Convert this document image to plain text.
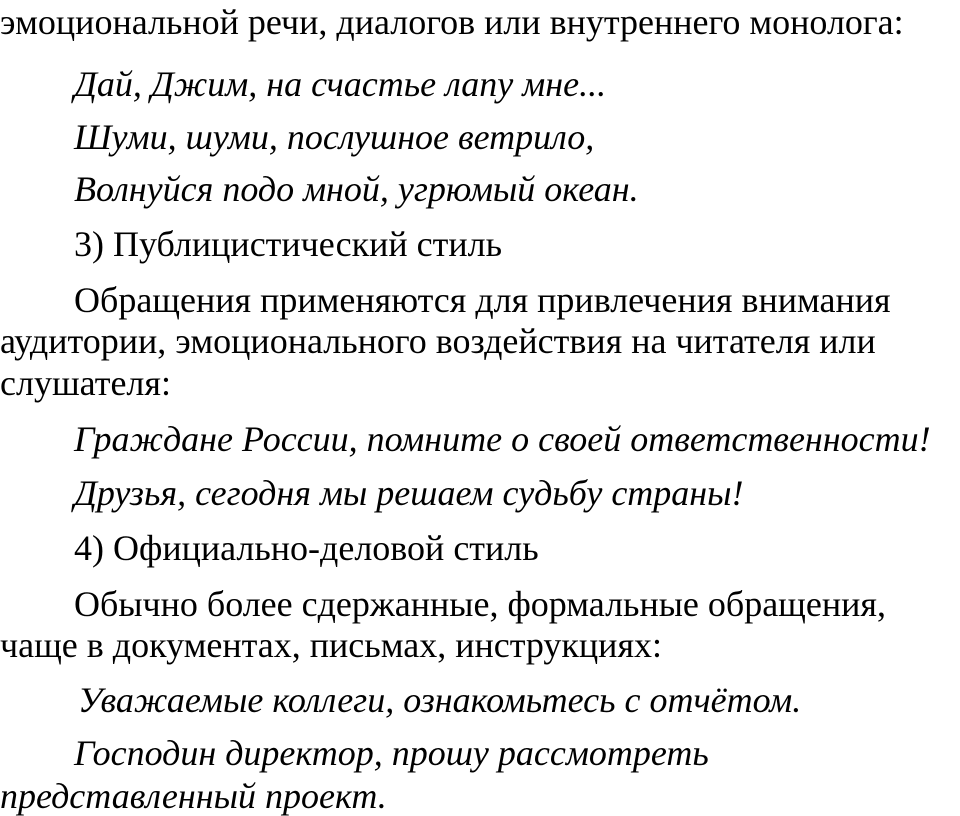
эмоциональной речи, диалогов или внутреннего монолога:
Дай, Джим, на счастье лапу мне...
Шуми, шуми, послушное ветрило,
Волнуйся подо мной, угрюмый океан.
3) Публицистический стиль
Обращения применяются для привлечения внимания
аудитории, эмоционального воздействия на читателя или
слушателя:
Граждане России, помните о своей ответственности!
Друзья, сегодня мы решаем судьбу страны!
4) Официально-деловой стиль
Обычно более сдержанные, формальные обращения,
чаще в документах, письмах, инструкциях:
Уважаемые коллеги, ознакомьтесь с отчётом.
Господин директор, прошу рассмотреть
представленный проект.
